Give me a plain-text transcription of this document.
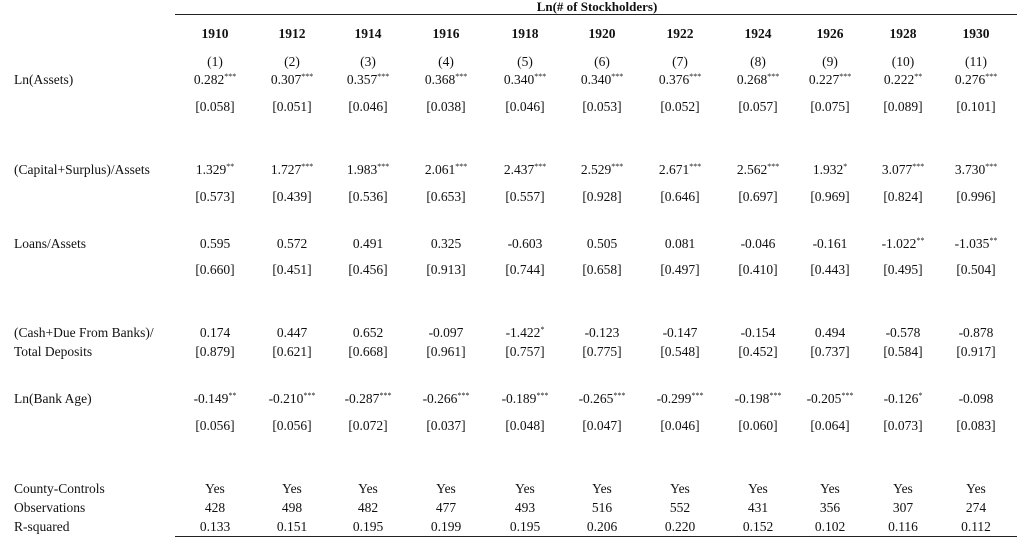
Ln(# of Stockholders)
1910	1912	1914	1916	1918	1920	1922	1924	1926	1928	1930
(1)	(2)	(3)	(4)	(5)	(6)	(7)	(8)	(9)	(10)	(11)
Ln(Assets)	0.282***	0.307*** 0.357***	0.368***	0.340***	0.340***	0.376***	0.268*** 0.227*** 0.222** 0.276***
[0.058]	[0.051]	[0.046]	[0.038]	[0.046]	[0.053]	[0.052]	[0.057] [0.075] [0.089] [0.101]
(Capital+Surplus)/Assets	1.329**	1.727*** 1.983***	2.061***	2.437***	2.529***	2.671***	2.562*** 1.932*	3.077*** 3.730***
[0.573]	[0.439]	[0.536]	[0.653]	[0.557]	[0.928]	[0.646]	[0.697] [0.969] [0.824] [0.996]
Loans/Assets	0.595	0.572	0.491	0.325	-0.603	0.505	0.081	-0.046	-0.161	-1.022** -1.035**
[0.660]	[0.451]	[0.456]	[0.913]	[0.744]	[0.658]	[0.497]	[0.410] [0.443] [0.495] [0.504]
(Cash+Due From Banks)/
Total Deposits
0.174	0.447	0.652	-0.097	-1.422*	-0.123	-0.147	-0.154	0.494	-0.578	-0.878
[0.879]	[0.621]	[0.668]	[0.961]	[0.757]	[0.775]	[0.548]	[0.452] [0.737] [0.584] [0.917]
Ln(Bank Age)	-0.149** -0.210*** -0.287*** -0.266*** -0.189*** -0.265*** -0.299*** -0.198*** -0.205*** -0.126*	-0.098
[0.056]	[0.056]	[0.072]	[0.037]	[0.048]	[0.047]	[0.046]	[0.060] [0.064] [0.073] [0.083]
County-Controls	Yes	Yes	Yes	Yes	Yes	Yes	Yes	Yes	Yes	Yes	Yes
Observations	428	498	482	477	493	516	552	431	356	307	274
R-squared	0.133	0.151	0.195	0.199	0.195	0.206	0.220	0.152	0.102	0.116	0.112
